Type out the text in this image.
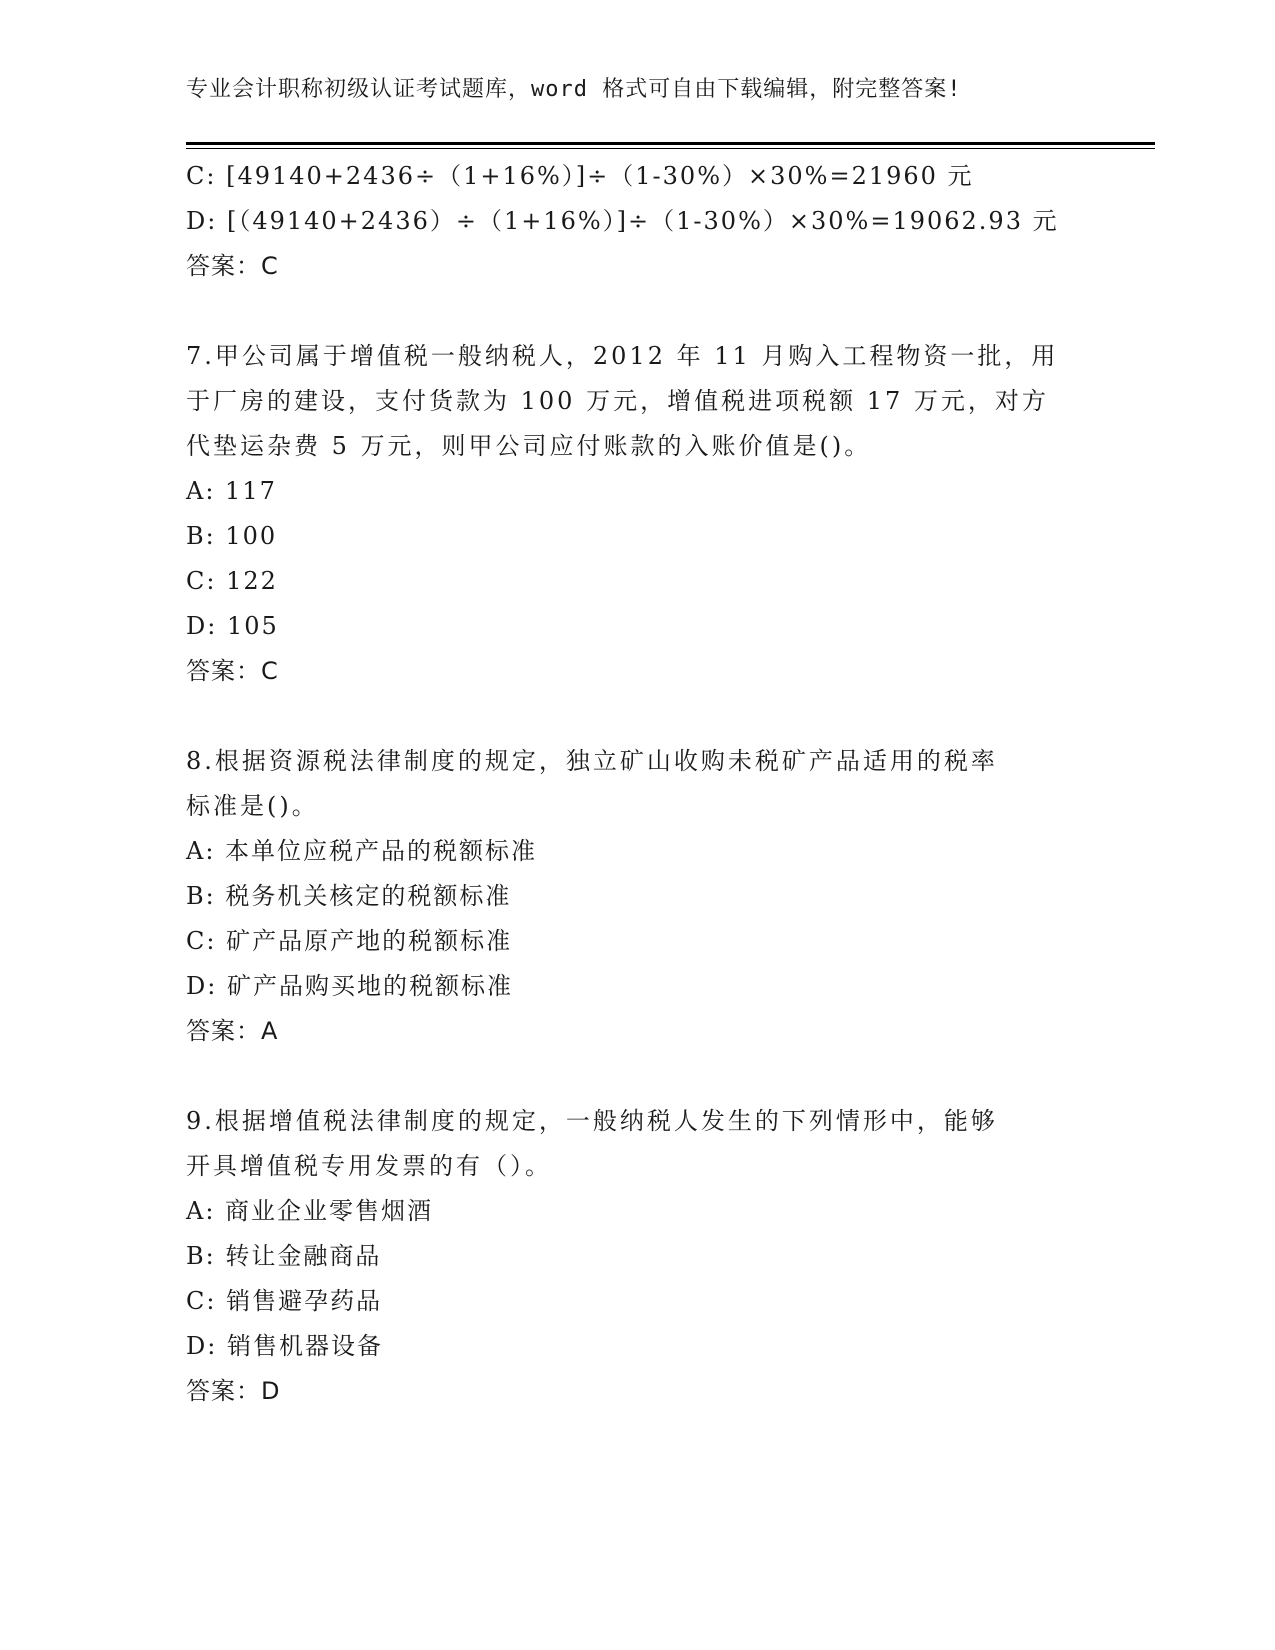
专业会计职称初级认证考试题库，word 格式可自由下载编辑，附完整答案!
C: [49140+2436÷（1+16%）]÷（1-30%）×30%=21960 元
D: [（49140+2436）÷（1+16%）]÷（1-30%）×30%=19062.93 元
答案：C
7.甲公司属于增值税一般纳税人，2012 年 11 月购入工程物资一批，用
于厂房的建设，支付货款为 100 万元，增值税进项税额 17 万元，对方
代垫运杂费 5 万元，则甲公司应付账款的入账价值是()。
A: 117
B: 100
C: 122
D: 105
答案：C
8.根据资源税法律制度的规定，独立矿山收购未税矿产品适用的税率
标准是()。
A: 本单位应税产品的税额标准
B: 税务机关核定的税额标准
C: 矿产品原产地的税额标准
D: 矿产品购买地的税额标准
答案：A
9.根据增值税法律制度的规定，一般纳税人发生的下列情形中，能够
开具增值税专用发票的有（）。
A: 商业企业零售烟酒
B: 转让金融商品
C: 销售避孕药品
D: 销售机器设备
答案：D
